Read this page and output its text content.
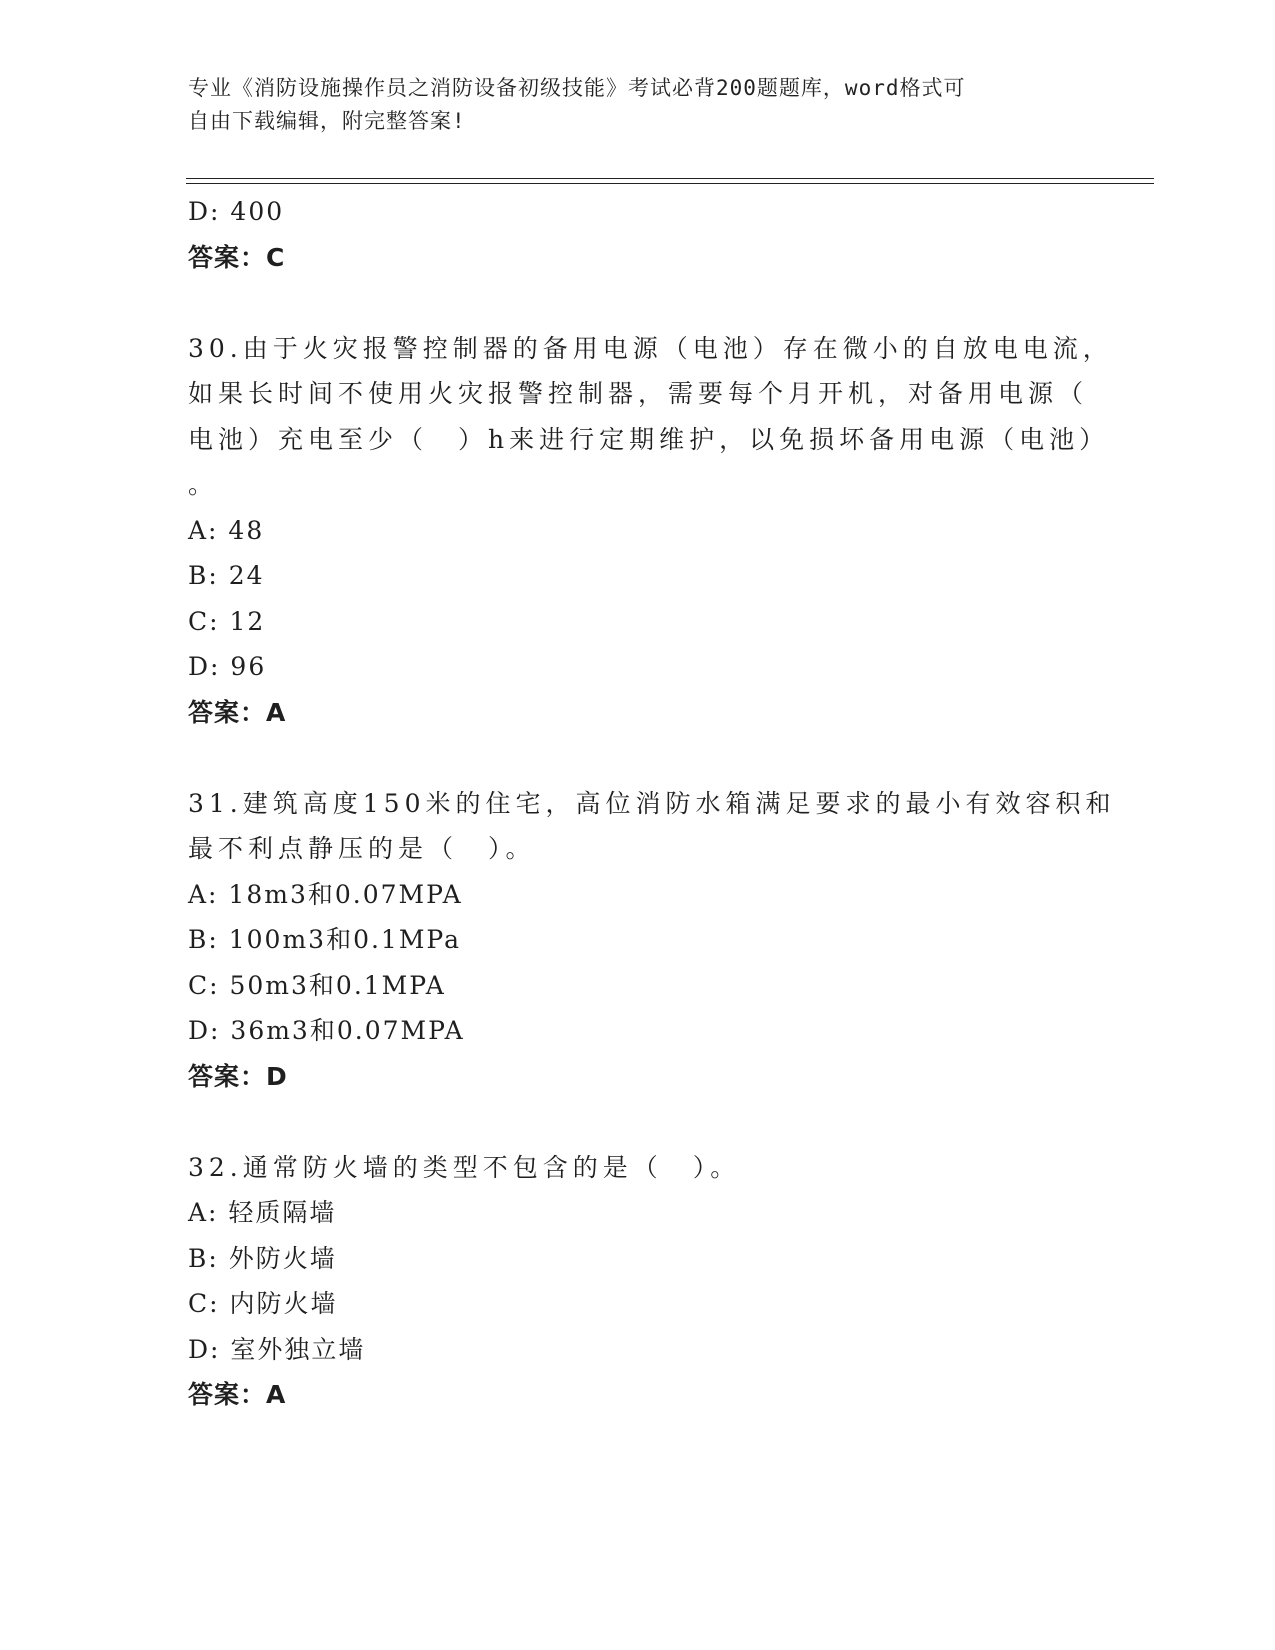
专业《消防设施操作员之消防设备初级技能》考试必背200题题库，word格式可
自由下载编辑，附完整答案!
D: 400
答案：C
30.由于火灾报警控制器的备用电源（电池）存在微小的自放电电流，
如果长时间不使用火灾报警控制器，需要每个月开机，对备用电源（
电池）充电至少（　）h来进行定期维护，以免损坏备用电源（电池）
。
A: 48
B: 24
C: 12
D: 96
答案：A
31.建筑高度150米的住宅，高位消防水箱满足要求的最小有效容积和
最不利点静压的是（　）。
A: 18m3和0.07MPA
B: 100m3和0.1MPa
C: 50m3和0.1MPA
D: 36m3和0.07MPA
答案：D
32.通常防火墙的类型不包含的是（　）。
A: 轻质隔墙
B: 外防火墙
C: 内防火墙
D: 室外独立墙
答案：A
